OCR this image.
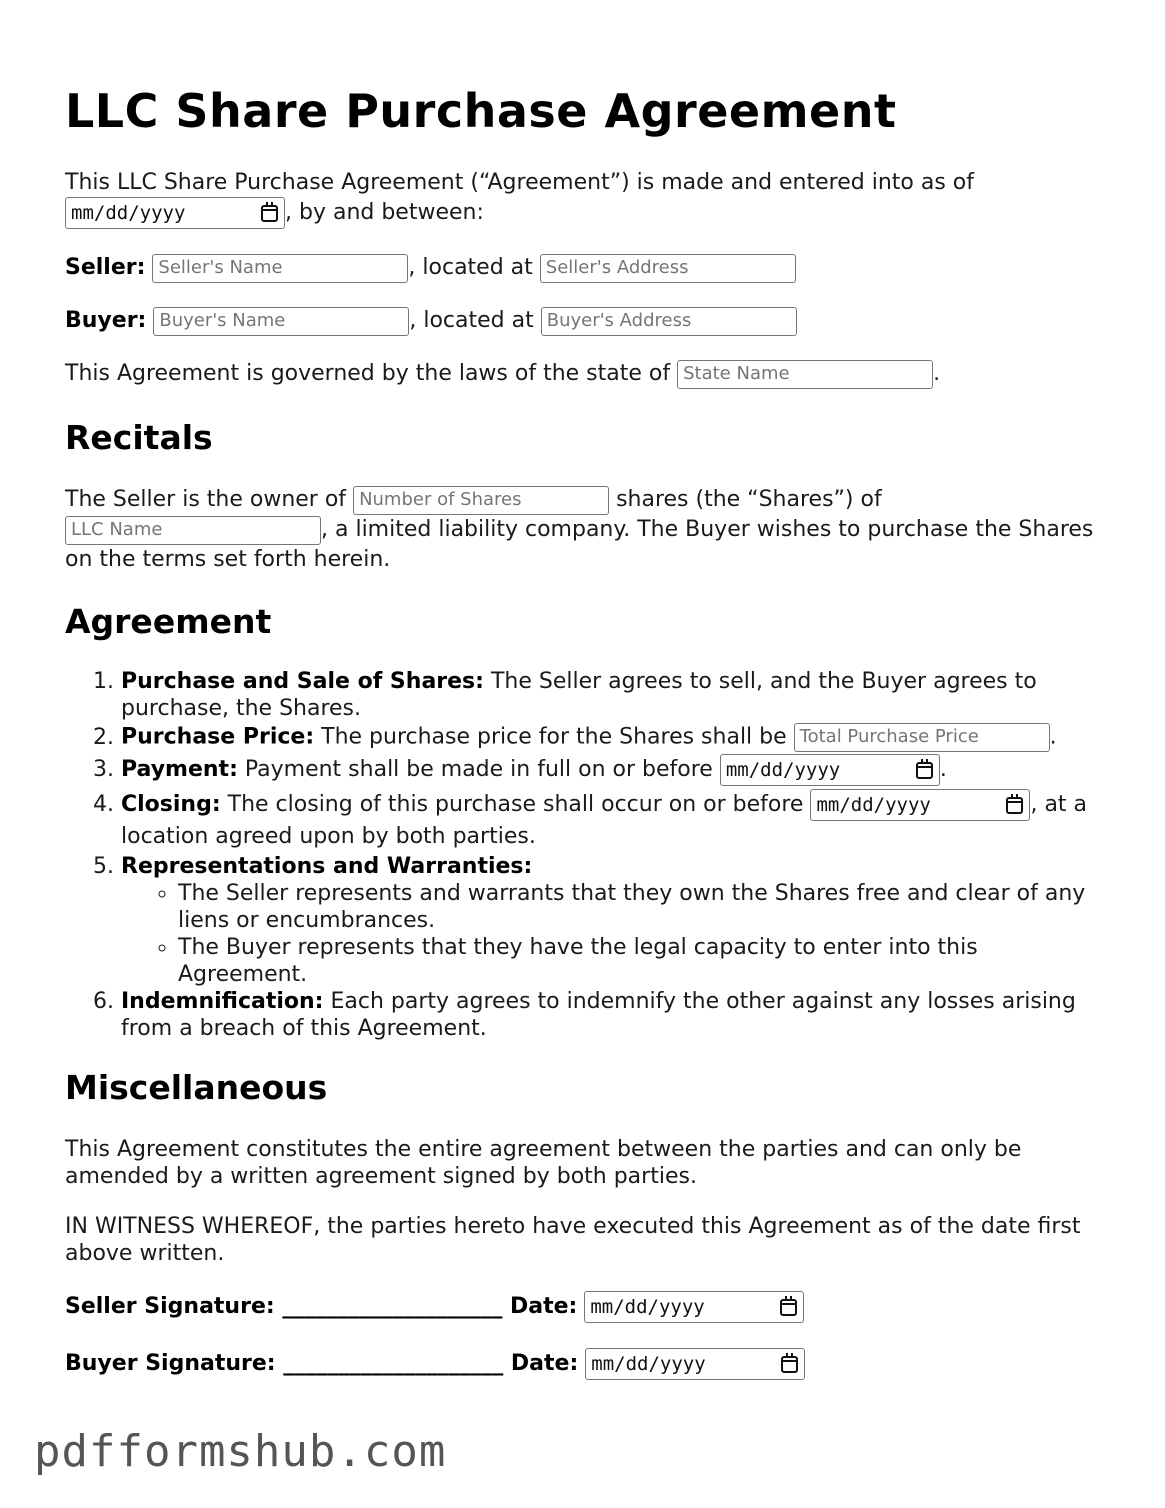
LLC Share Purchase Agreement
This LLC Share Purchase Agreement (“Agreement”) is made and entered into as of

mm/dd/yyyy	, by and between:
Seller: Seller's Name	, located at Seller's Address
Buyer: Buyer's Name	, located at Buyer's Address
This Agreement is governed by the laws of the state of State Name	.
Recitals
The Seller is the owner of Number of Shares	shares (the “Shares”) of
LLC Name	, a limited liability company. The Buyer wishes to purchase the Shares on the terms set forth herein.
Agreement
1. Purchase and Sale of Shares: The Seller agrees to sell, and the Buyer agrees to purchase, the Shares.
2. Purchase Price: The purchase price for the Shares shall be Total Purchase Price	.
3. Payment: Payment shall be made in full on or before mm/dd/yyyy	.
4. Closing: The closing of this purchase shall occur on or before mm/dd/yyyy	, at a location agreed upon by both parties.
5. Representations and Warranties:
◦ The Seller represents and warrants that they own the Shares free and clear of any liens or encumbrances.
◦ The Buyer represents that they have the legal capacity to enter into this Agreement.
6. Indemnification: Each party agrees to indemnify the other against any losses arising from a breach of this Agreement.
Miscellaneous
This Agreement constitutes the entire agreement between the parties and can only be amended by a written agreement signed by both parties.
IN WITNESS WHEREOF, the parties hereto have executed this Agreement as of the date first above written.
Seller Signature: ____________________ Date: mm/dd/yyyy
Buyer Signature: ____________________ Date: mm/dd/yyyy
pdfformshub.com
